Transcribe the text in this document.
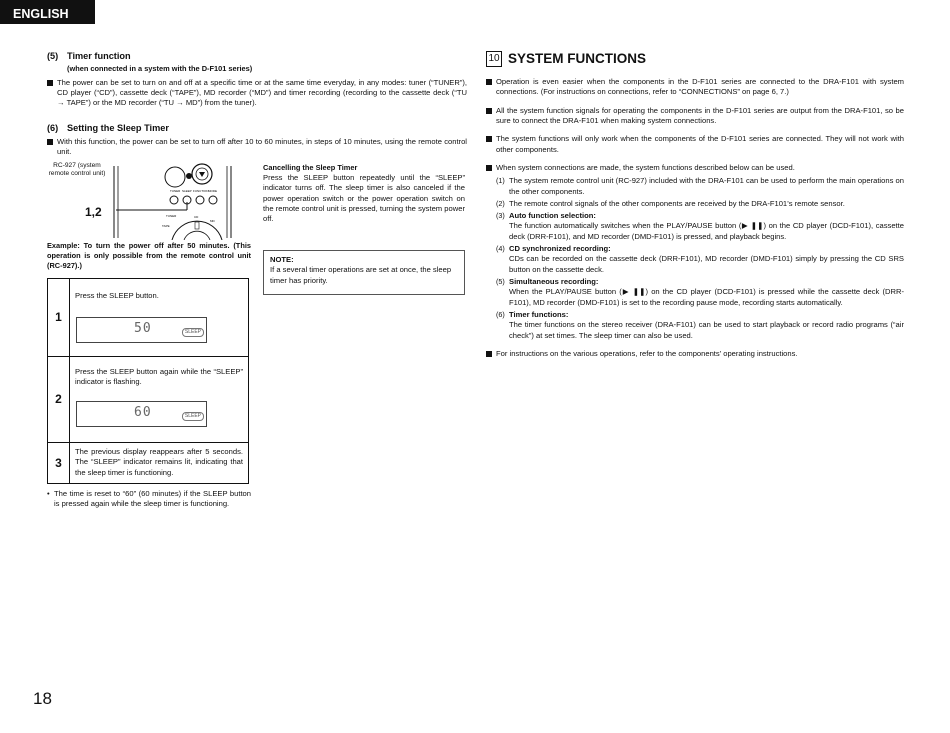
ENGLISH
(5) Timer function
(when connected in a system with the D-F101 series)
The power can be set to turn on and off at a specific time or at the same time everyday, in any modes: tuner (“TUNER”), CD player (“CD”), cassette deck (“TAPE”), MD recorder (“MD”) and timer recording (recording to the cassette deck (“TU → TAPE”) or the MD recorder (“TU → MD”) from the tuner).
(6) Setting the Sleep Timer
With this function, the power can be set to turn off after 10 to 60 minutes, in steps of 10 minutes, using the remote control unit.
RC-927 (system remote control unit)
1,2
TUNER SLEEP FUNCTION MODE
TUNER
MD
TAPE
CD
Cancelling the Sleep Timer
Press the SLEEP button repeatedly until the “SLEEP” indicator turns off. The sleep timer is also canceled if the power operation switch or the power operation switch on the remote control unit is pressed, turning the system power off.
NOTE:
If a several timer operations are set at once, the sleep timer has priority.
Example: To turn the power off after 50 minutes. (This operation is only possible from the remote control unit (RC-927).)
1
Press the SLEEP button.
50	SLEEP
2
Press the SLEEP button again while the “SLEEP” indicator is flashing.
60	SLEEP
3
The previous display reappears after 5 seconds. The “SLEEP” indicator remains lit, indicating that the sleep timer is functioning.
• The time is reset to “60” (60 minutes) if the SLEEP button is pressed again while the sleep timer is functioning.
10 SYSTEM FUNCTIONS
Operation is even easier when the components in the D-F101 series are connected to the DRA-F101 with system connections. (For instructions on connections, refer to “CONNECTIONS” on page 6, 7.)
All the system function signals for operating the components in the D-F101 series are output from the DRA-F101, so be sure to connect the DRA-F101 when making system connections.
The system functions will only work when the components of the D-F101 series are connected. They will not work with other components.
When system connections are made, the system functions described below can be used.
(1) The system remote control unit (RC-927) included with the DRA-F101 can be used to perform the main operations on the other components.
(2) The remote control signals of the other components are received by the DRA-F101’s remote sensor.
(3) Auto function selection:
The function automatically switches when the PLAY/PAUSE button (▶ ❚❚) on the CD player (DCD-F101), cassette deck (DRR-F101), and MD recorder (DMD-F101) is pressed, and playback begins.
(4) CD synchronized recording:
CDs can be recorded on the cassette deck (DRR-F101), MD recorder (DMD-F101) simply by pressing the CD SRS button on the cassette deck.
(5) Simultaneous recording:
When the PLAY/PAUSE button (▶ ❚❚) on the CD player (DCD-F101) is pressed while the cassette deck (DRR-F101), MD recorder (DMD-F101) is set to the recording pause mode, recording starts automatically.
(6) Timer functions:
The timer functions on the stereo receiver (DRA-F101) can be used to start playback or record radio programs (“air check”) at set times. The sleep timer can also be used.
For instructions on the various operations, refer to the components’ operating instructions.
18
